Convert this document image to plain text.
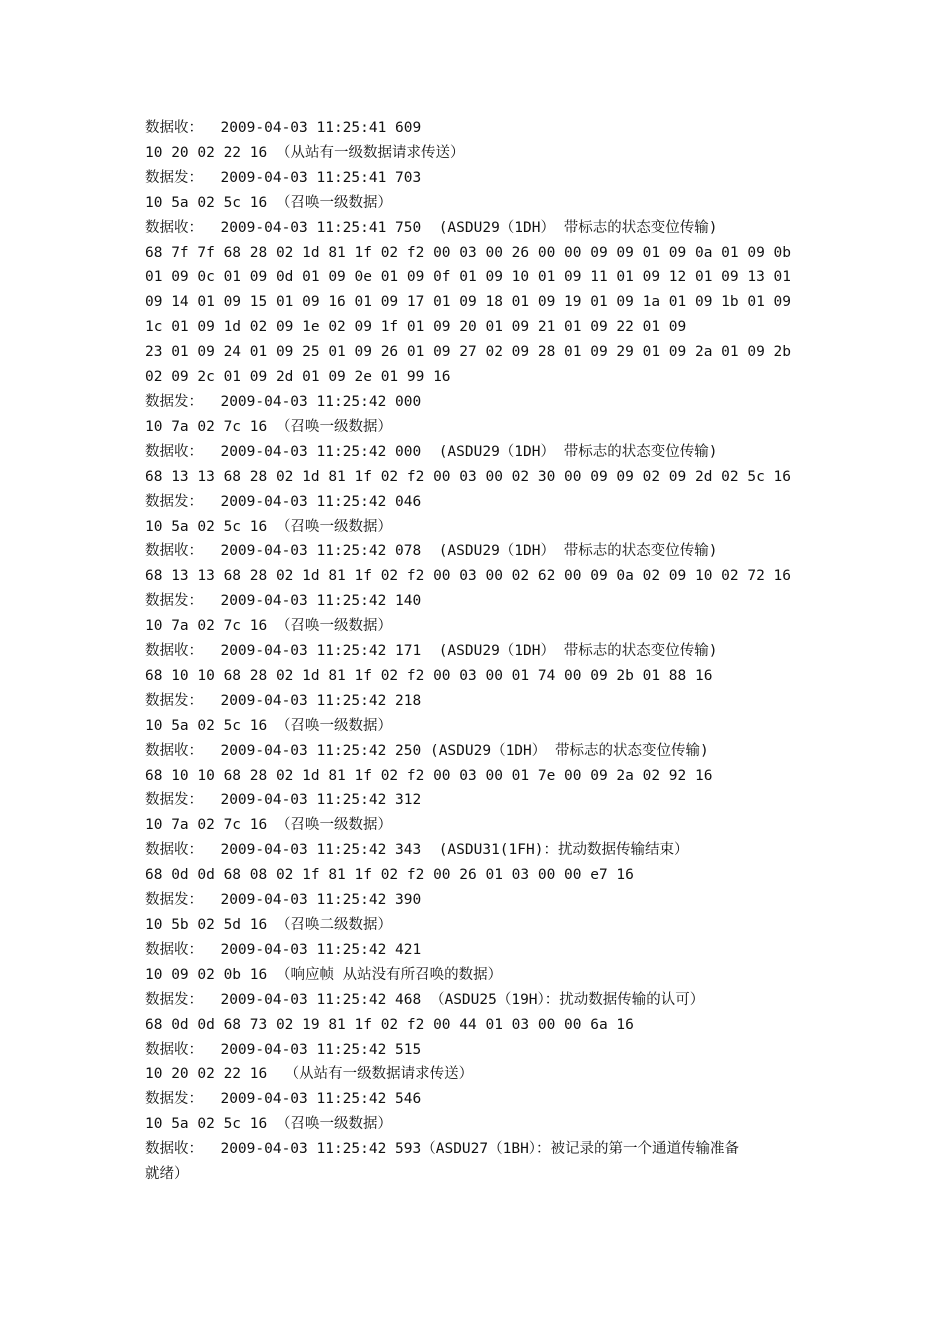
数据收：  2009-04-03 11:25:41 609
10 20 02 22 16 （从站有一级数据请求传送）
数据发：  2009-04-03 11:25:41 703
10 5a 02 5c 16 （召唤一级数据）
数据收：  2009-04-03 11:25:41 750  (ASDU29（1DH） 带标志的状态变位传输)
68 7f 7f 68 28 02 1d 81 1f 02 f2 00 03 00 26 00 00 09 09 01 09 0a 01 09 0b
01 09 0c 01 09 0d 01 09 0e 01 09 0f 01 09 10 01 09 11 01 09 12 01 09 13 01
09 14 01 09 15 01 09 16 01 09 17 01 09 18 01 09 19 01 09 1a 01 09 1b 01 09
1c 01 09 1d 02 09 1e 02 09 1f 01 09 20 01 09 21 01 09 22 01 09
23 01 09 24 01 09 25 01 09 26 01 09 27 02 09 28 01 09 29 01 09 2a 01 09 2b
02 09 2c 01 09 2d 01 09 2e 01 99 16
数据发：  2009-04-03 11:25:42 000
10 7a 02 7c 16 （召唤一级数据）
数据收：  2009-04-03 11:25:42 000  (ASDU29（1DH） 带标志的状态变位传输)
68 13 13 68 28 02 1d 81 1f 02 f2 00 03 00 02 30 00 09 09 02 09 2d 02 5c 16
数据发：  2009-04-03 11:25:42 046
10 5a 02 5c 16 （召唤一级数据）
数据收：  2009-04-03 11:25:42 078  (ASDU29（1DH） 带标志的状态变位传输)
68 13 13 68 28 02 1d 81 1f 02 f2 00 03 00 02 62 00 09 0a 02 09 10 02 72 16
数据发：  2009-04-03 11:25:42 140
10 7a 02 7c 16 （召唤一级数据）
数据收：  2009-04-03 11:25:42 171  (ASDU29（1DH） 带标志的状态变位传输)
68 10 10 68 28 02 1d 81 1f 02 f2 00 03 00 01 74 00 09 2b 01 88 16
数据发：  2009-04-03 11:25:42 218
10 5a 02 5c 16 （召唤一级数据）
数据收：  2009-04-03 11:25:42 250 (ASDU29（1DH） 带标志的状态变位传输)
68 10 10 68 28 02 1d 81 1f 02 f2 00 03 00 01 7e 00 09 2a 02 92 16
数据发：  2009-04-03 11:25:42 312
10 7a 02 7c 16 （召唤一级数据）
数据收：  2009-04-03 11:25:42 343  (ASDU31(1FH)：扰动数据传输结束）
68 0d 0d 68 08 02 1f 81 1f 02 f2 00 26 01 03 00 00 e7 16
数据发：  2009-04-03 11:25:42 390
10 5b 02 5d 16 （召唤二级数据）
数据收：  2009-04-03 11:25:42 421
10 09 02 0b 16 （响应帧 从站没有所召唤的数据）
数据发：  2009-04-03 11:25:42 468 （ASDU25（19H）：扰动数据传输的认可）
68 0d 0d 68 73 02 19 81 1f 02 f2 00 44 01 03 00 00 6a 16
数据收：  2009-04-03 11:25:42 515
10 20 02 22 16  （从站有一级数据请求传送）
数据发：  2009-04-03 11:25:42 546
10 5a 02 5c 16 （召唤一级数据）
数据收：  2009-04-03 11:25:42 593（ASDU27（1BH）：被记录的第一个通道传输准备
就绪）
